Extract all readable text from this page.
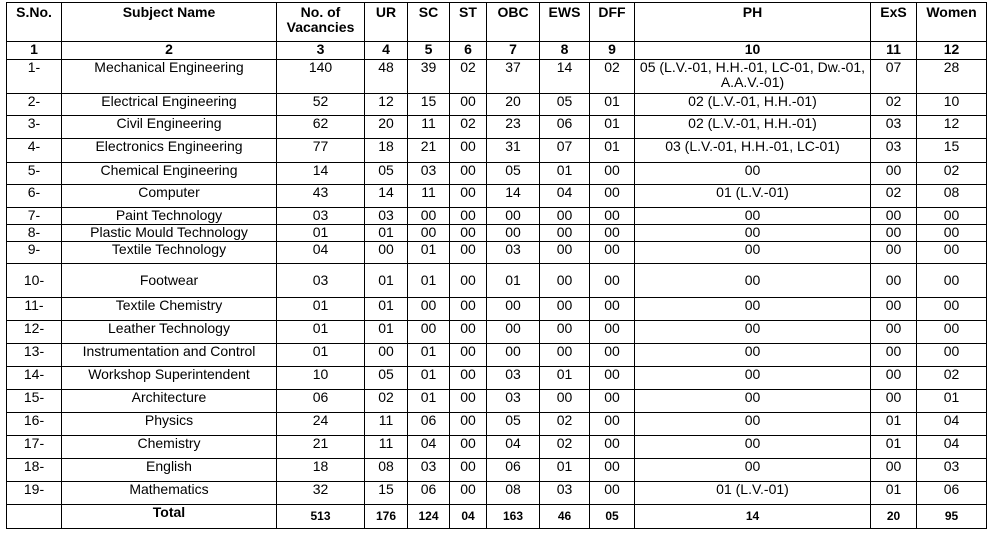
S.No.	Subject Name	No. of Vacancies	UR	SC	ST	OBC	EWS	DFF	PH	ExS	Women
1	2	3	4	5	6	7	8	9	10	11	12
1-	Mechanical Engineering	140	48	39	02	37	14	02	05 (L.V.-01, H.H.-01, LC-01, Dw.-01, A.A.V.-01)	07	28
2-	Electrical Engineering	52	12	15	00	20	05	01	02 (L.V.-01, H.H.-01)	02	10
3-	Civil Engineering	62	20	11	02	23	06	01	02 (L.V.-01, H.H.-01)	03	12
4-	Electronics Engineering	77	18	21	00	31	07	01	03 (L.V.-01, H.H.-01, LC-01)	03	15
5-	Chemical Engineering	14	05	03	00	05	01	00	00	00	02
6-	Computer	43	14	11	00	14	04	00	01 (L.V.-01)	02	08
7-	Paint Technology	03	03	00	00	00	00	00	00	00	00
8-	Plastic Mould Technology	01	01	00	00	00	00	00	00	00	00
9-	Textile Technology	04	00	01	00	03	00	00	00	00	00
10-	Footwear	03	01	01	00	01	00	00	00	00	00
11-	Textile Chemistry	01	01	00	00	00	00	00	00	00	00
12-	Leather Technology	01	01	00	00	00	00	00	00	00	00
13-	Instrumentation and Control	01	00	01	00	00	00	00	00	00	00
14-	Workshop Superintendent	10	05	01	00	03	01	00	00	00	02
15-	Architecture	06	02	01	00	03	00	00	00	00	01
16-	Physics	24	11	06	00	05	02	00	00	01	04
17-	Chemistry	21	11	04	00	04	02	00	00	01	04
18-	English	18	08	03	00	06	01	00	00	00	03
19-	Mathematics	32	15	06	00	08	03	00	01 (L.V.-01)	01	06
	Total	513	176	124	04	163	46	05	14	20	95
